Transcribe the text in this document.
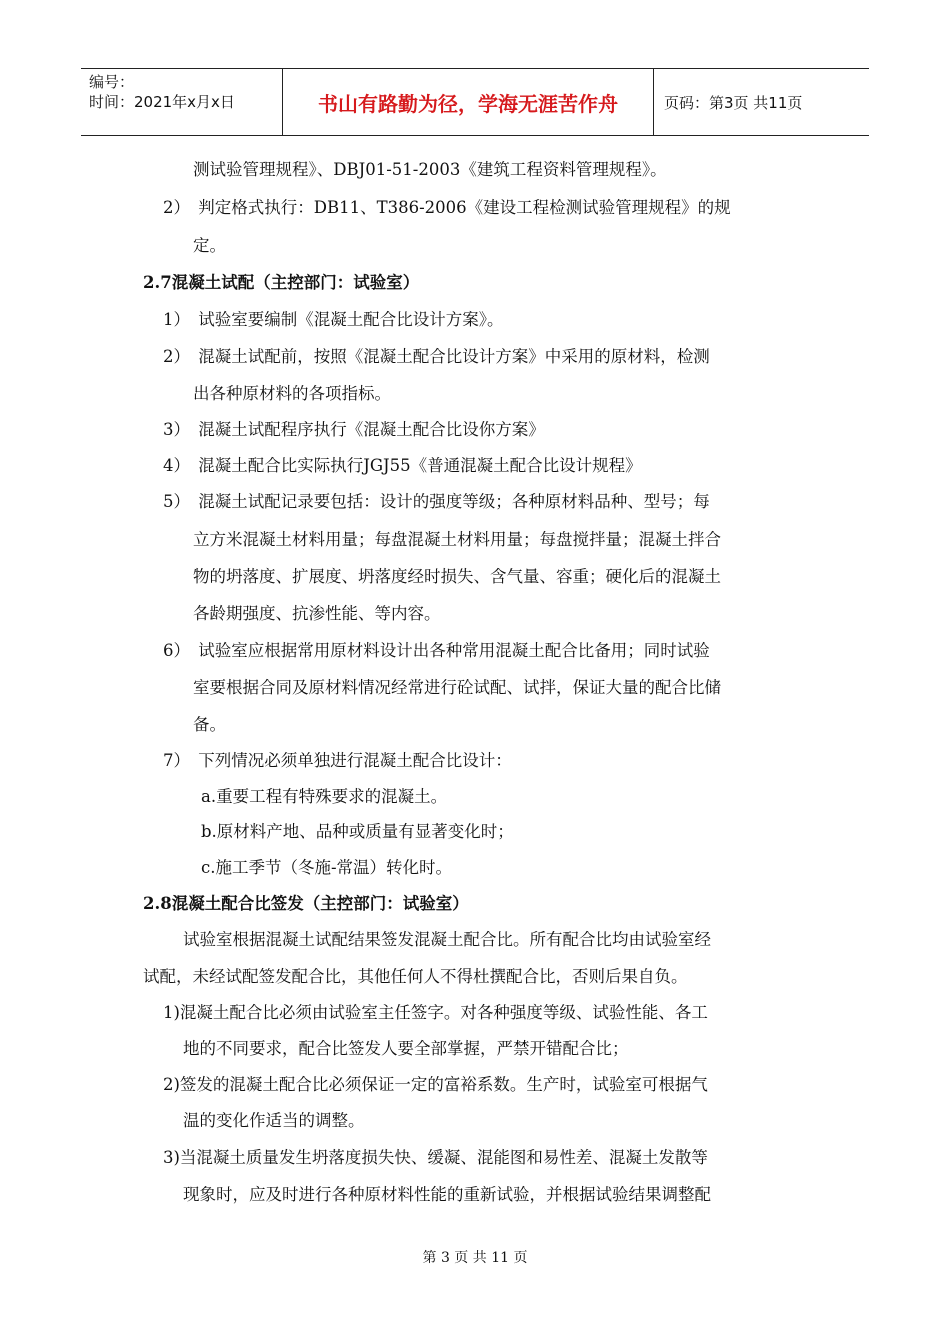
编号：
时间：2021年x月x日	书山有路勤为径，学海无涯苦作舟	页码：第3页 共11页
测试验管理规程》、DBJ01-51-2003《建筑工程资料管理规程》。
2）　判定格式执行：DB11、T386-2006《建设工程检测试验管理规程》的规
定。
2.7混凝土试配（主控部门：试验室）
1）　试验室要编制《混凝土配合比设计方案》。
2）　混凝土试配前，按照《混凝土配合比设计方案》中采用的原材料，检测
出各种原材料的各项指标。
3）　混凝土试配程序执行《混凝土配合比设你方案》
4）　混凝土配合比实际执行JGJ55《普通混凝土配合比设计规程》
5）　混凝土试配记录要包括：设计的强度等级；各种原材料品种、型号；每
立方米混凝土材料用量；每盘混凝土材料用量；每盘搅拌量；混凝土拌合
物的坍落度、扩展度、坍落度经时损失、含气量、容重；硬化后的混凝土
各龄期强度、抗渗性能、等内容。
6）　试验室应根据常用原材料设计出各种常用混凝土配合比备用；同时试验
室要根据合同及原材料情况经常进行砼试配、试拌，保证大量的配合比储
备。
7）　下列情况必须单独进行混凝土配合比设计：
a.重要工程有特殊要求的混凝土。
b.原材料产地、品种或质量有显著变化时；
c.施工季节（冬施-常温）转化时。
2.8混凝土配合比签发（主控部门：试验室）
试验室根据混凝土试配结果签发混凝土配合比。所有配合比均由试验室经
试配，未经试配签发配合比，其他任何人不得杜撰配合比，否则后果自负。
1)混凝土配合比必须由试验室主任签字。对各种强度等级、试验性能、各工
地的不同要求，配合比签发人要全部掌握，严禁开错配合比；
2)签发的混凝土配合比必须保证一定的富裕系数。生产时，试验室可根据气
温的变化作适当的调整。
3)当混凝土质量发生坍落度损失快、缓凝、混能图和易性差、混凝土发散等
现象时，应及时进行各种原材料性能的重新试验，并根据试验结果调整配
第 3 页 共 11 页
